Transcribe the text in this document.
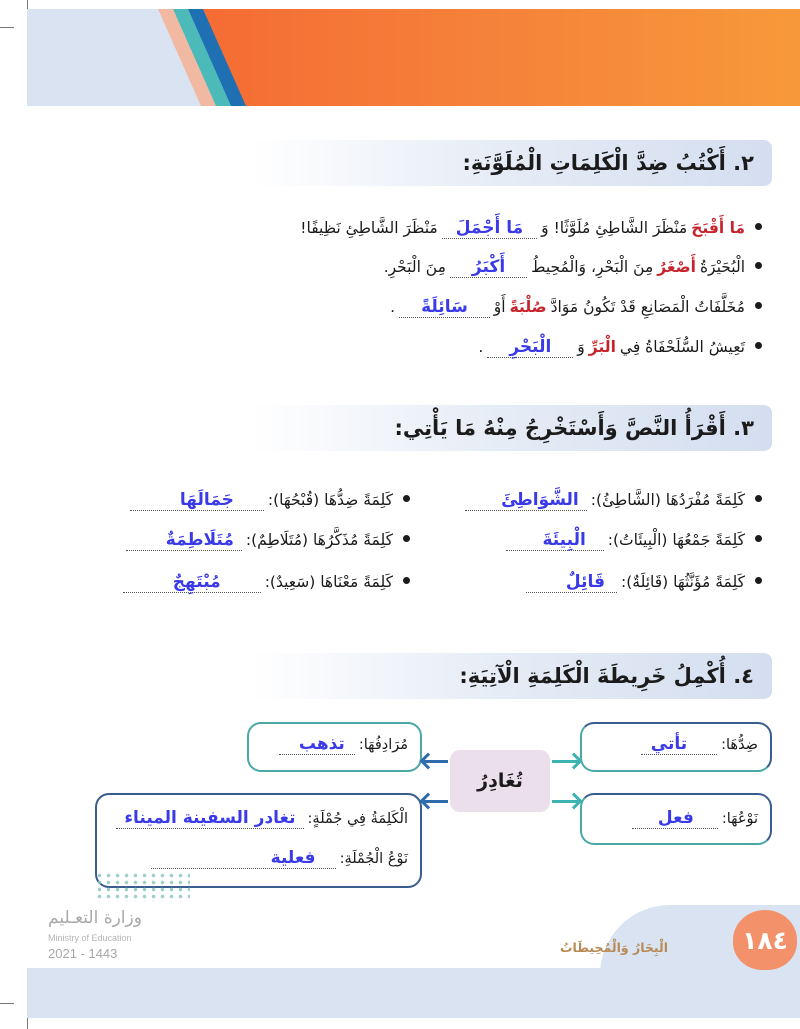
٢. أَكْتُبُ ضِدَّ الْكَلِمَاتِ الْمُلَوَّنَةِ:
مَا أَقْبَحَ
مَنْظَرَ الشَّاطِئِ مُلَوَّثًا! وَ
مَا أَجْمَلَ
مَنْظَرَ الشَّاطِئِ نَظِيفًا!
الْبُحَيْرَةُ
أَصْغَرُ
مِنَ الْبَحْرِ، وَالْمُحِيطُ
أَكْبَرُ
مِنَ الْبَحْرِ.
مُخَلَّفَاتُ الْمَصَانِعِ قَدْ تَكُونُ مَوَادَّ
صُلْبَةً
أَوْ
سَائِلَةً
.
تَعِيشُ السُّلَحْفَاةُ فِي
الْبَرِّ
وَ
الْبَحْرِ
.
٣. أَقْرَأُ النَّصَّ وَأَسْتَخْرِجُ مِنْهُ مَا يَأْتِي:
كَلِمَةً مُفْرَدُهَا (الشَّاطِئُ):
الشَّوَاطِئَ
كَلِمَةً جَمْعُهَا (الْبِيئَاتُ):
الْبِيئَةَ
كَلِمَةً مُؤَنَّثُهَا (قَائِلَةٌ):
قَائِلٌ
كَلِمَةً ضِدُّهَا (قُبْحُهَا):
جَمَالَهَا
كَلِمَةً مُذَكَّرُهَا (مُتَلَاطِمٌ):
مُتَلَاطِمَةٌ
كَلِمَةً مَعْنَاهَا (سَعِيدٌ):
مُبْتَهِجٌ
٤. أُكْمِلُ خَرِيطَةَ الْكَلِمَةِ الْآتِيَةِ:
ضِدُّهَا:
تأتي
مُرَادِفُهَا:
تذهب
نَوْعُهَا:
فعل
الْكَلِمَةُ فِي جُمْلَةٍ:
تغادر السفينة الميناء
نَوْعُ الْجُمْلَةِ:
فعلية
تُغَادِرُ
وزارة التعـليم
Ministry of Education
2021 - 1443	الْبِحَارُ وَالْمُحِيطَاتُ	١٨٤
